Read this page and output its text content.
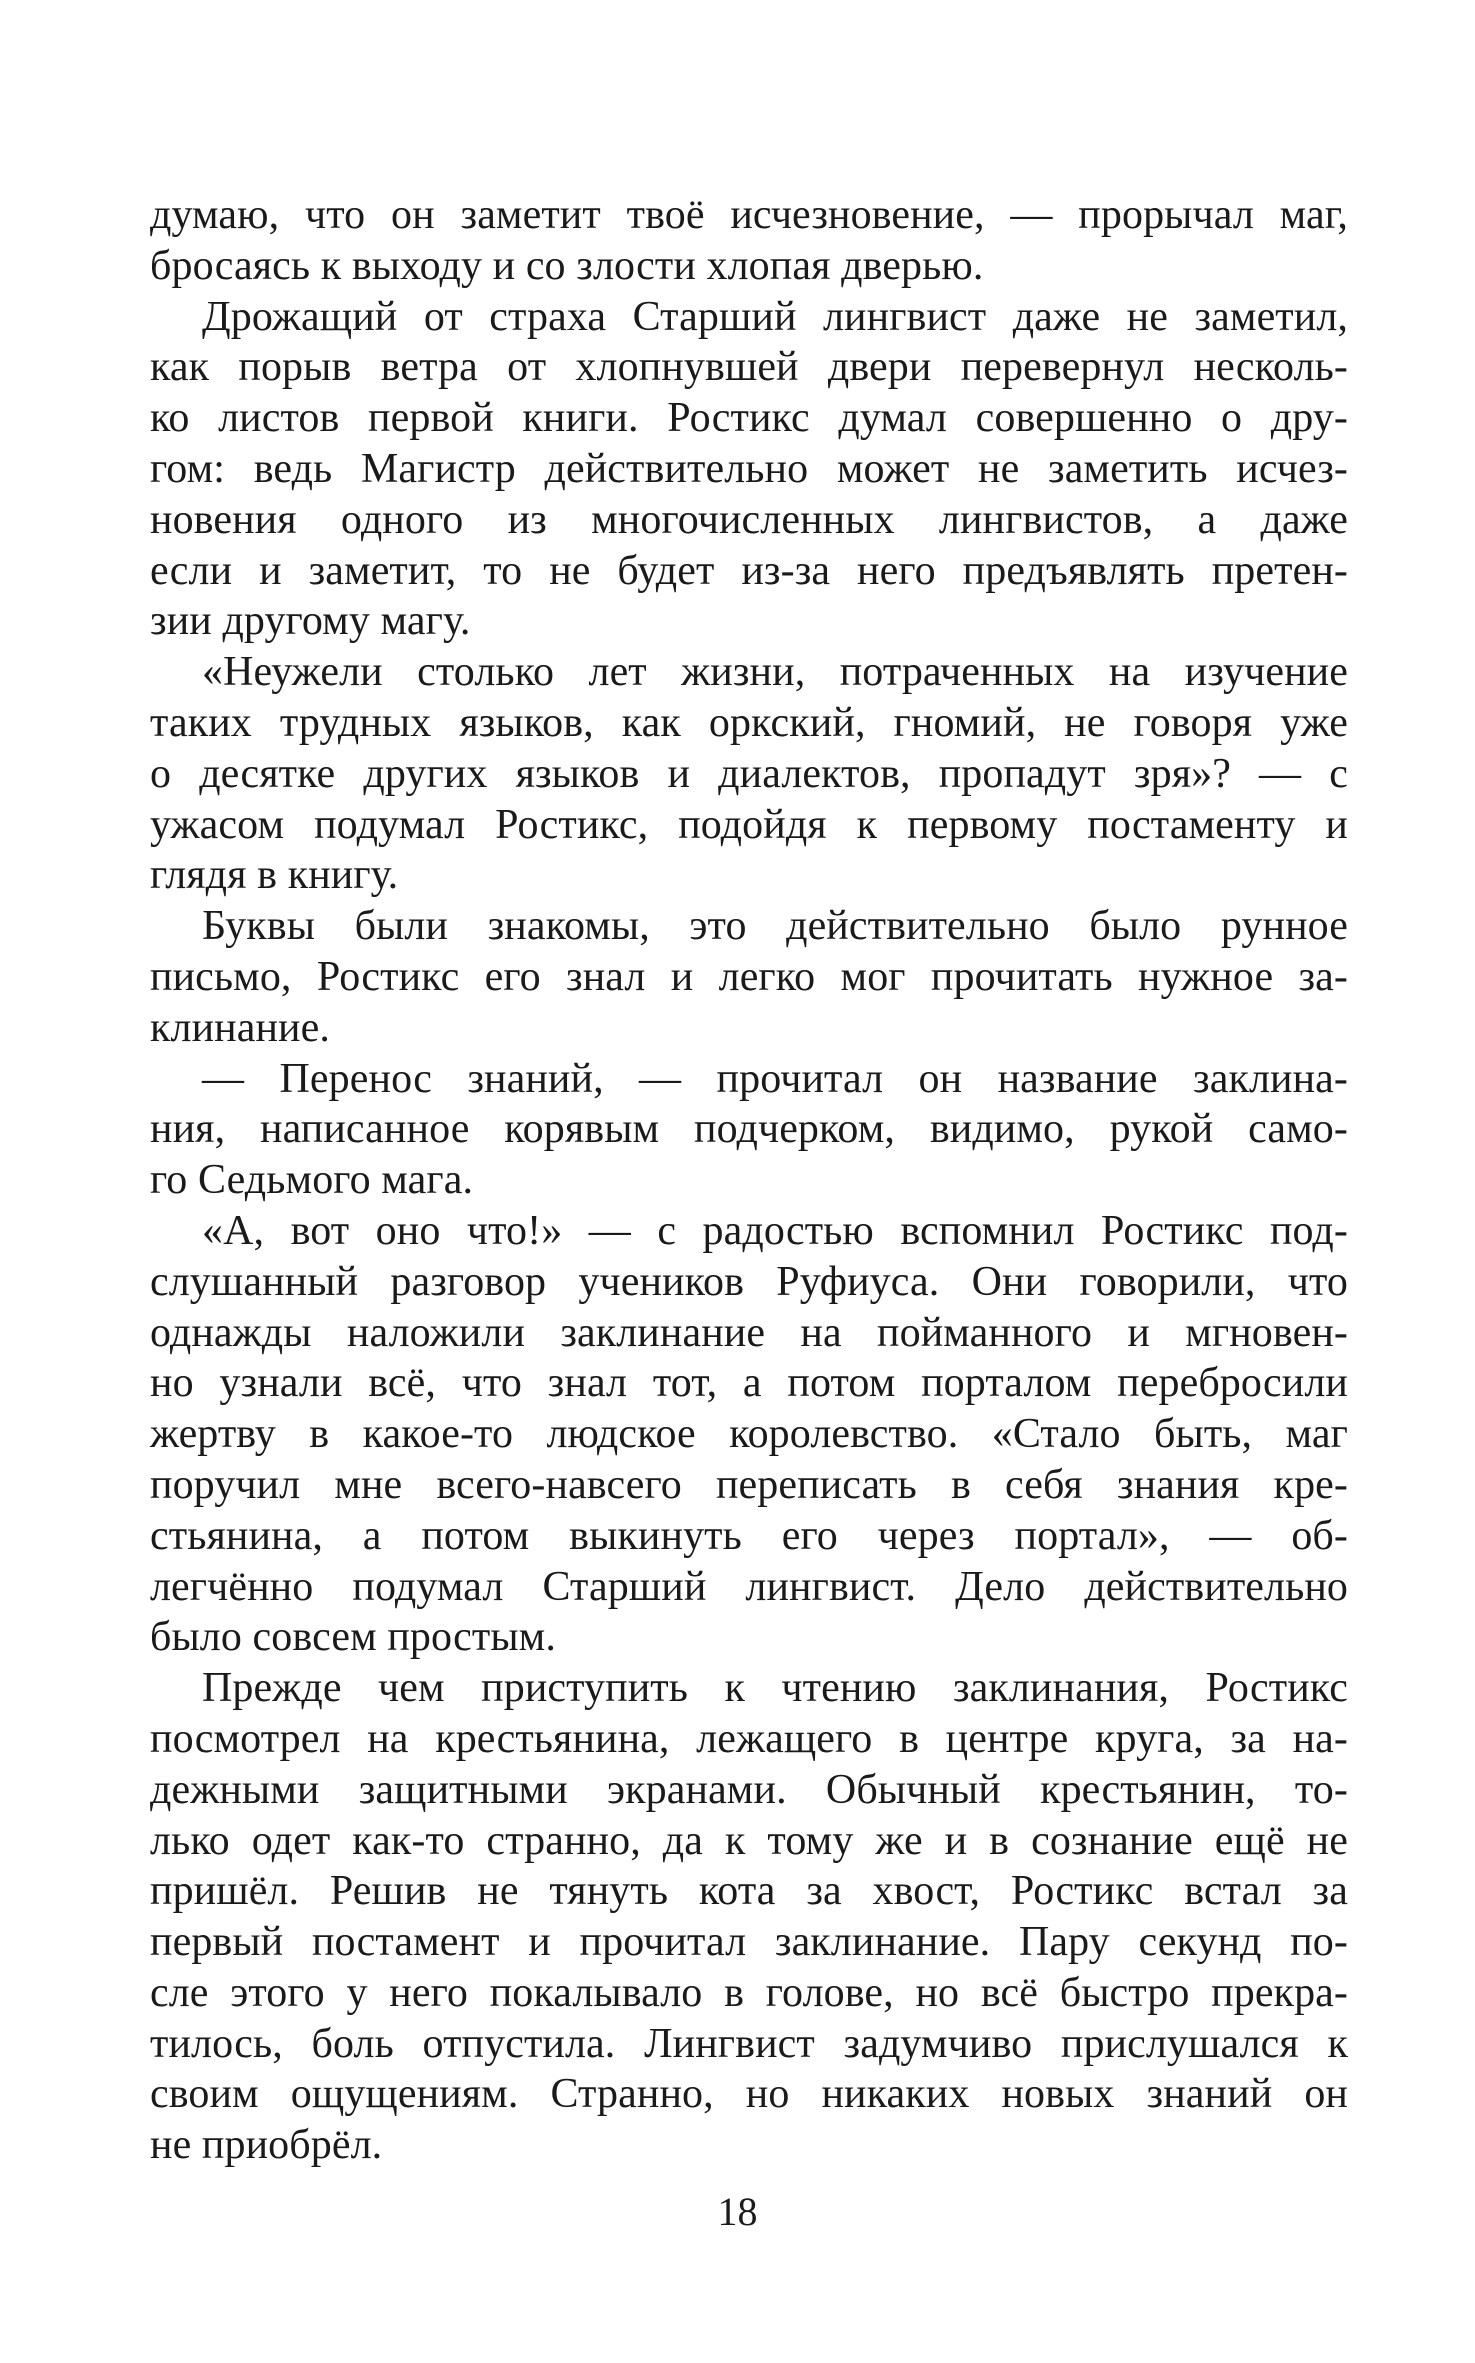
думаю, что он заметит твоё исчезновение, — прорычал маг,
бросаясь к выходу и со злости хлопая дверью.
Дрожащий от страха Старший лингвист даже не заметил,
как порыв ветра от хлопнувшей двери перевернул несколь-
ко листов первой книги. Ростикс думал совершенно о дру-
гом: ведь Магистр действительно может не заметить исчез-
новения одного из многочисленных лингвистов, а даже
если и заметит, то не будет из-за него предъявлять претен-
зии другому магу.
«Неужели столько лет жизни, потраченных на изучение
таких трудных языков, как оркский, гномий, не говоря уже
о десятке других языков и диалектов, пропадут зря»? — с
ужасом подумал Ростикс, подойдя к первому постаменту и
глядя в книгу.
Буквы были знакомы, это действительно было рунное
письмо, Ростикс его знал и легко мог прочитать нужное за-
клинание.
— Перенос знаний, — прочитал он название заклина-
ния, написанное корявым подчерком, видимо, рукой само-
го Седьмого мага.
«А, вот оно что!» — с радостью вспомнил Ростикс под-
слушанный разговор учеников Руфиуса. Они говорили, что
однажды наложили заклинание на пойманного и мгновен-
но узнали всё, что знал тот, а потом порталом перебросили
жертву в какое-то людское королевство. «Стало быть, маг
поручил мне всего-навсего переписать в себя знания кре-
стьянина, а потом выкинуть его через портал», — об-
легчённо подумал Старший лингвист. Дело действительно
было совсем простым.
Прежде чем приступить к чтению заклинания, Ростикс
посмотрел на крестьянина, лежащего в центре круга, за на-
дежными защитными экранами. Обычный крестьянин, то-
лько одет как-то странно, да к тому же и в сознание ещё не
пришёл. Решив не тянуть кота за хвост, Ростикс встал за
первый постамент и прочитал заклинание. Пару секунд по-
сле этого у него покалывало в голове, но всё быстро прекра-
тилось, боль отпустила. Лингвист задумчиво прислушался к
своим ощущениям. Странно, но никаких новых знаний он
не приобрёл.
18
